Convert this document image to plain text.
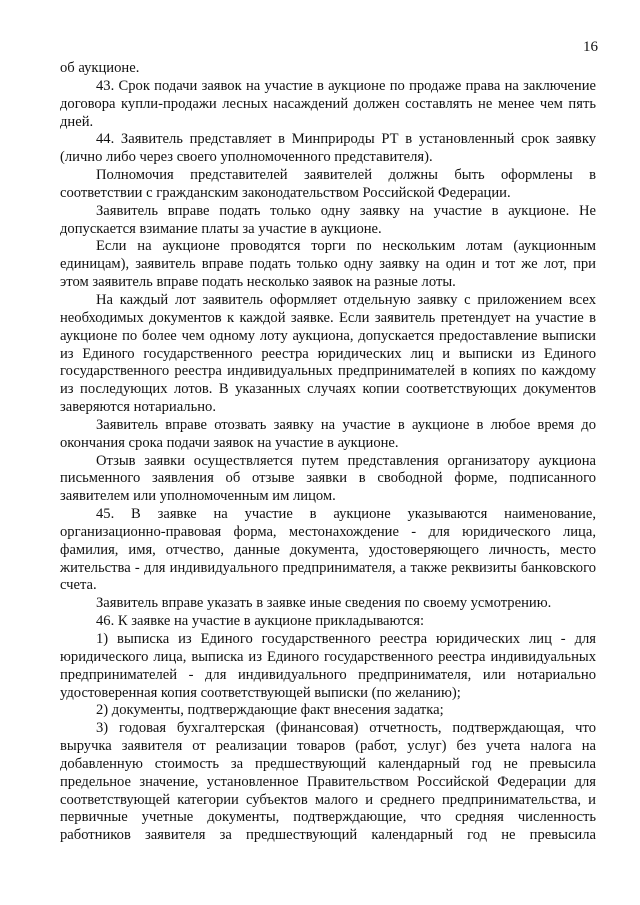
16

об аукционе.

43. Срок подачи заявок на участие в аукционе по продаже права на заключение договора купли-продажи лесных насаждений должен составлять не менее чем пять дней.

44. Заявитель представляет в Минприроды РТ в установленный срок заявку (лично либо через своего уполномоченного представителя).

Полномочия представителей заявителей должны быть оформлены в соответствии с гражданским законодательством Российской Федерации.

Заявитель вправе подать только одну заявку на участие в аукционе. Не допускается взимание платы за участие в аукционе.

Если на аукционе проводятся торги по нескольким лотам (аукционным единицам), заявитель вправе подать только одну заявку на один и тот же лот, при этом заявитель вправе подать несколько заявок на разные лоты.

На каждый лот заявитель оформляет отдельную заявку с приложением всех необходимых документов к каждой заявке. Если заявитель претендует на участие в аукционе по более чем одному лоту аукциона, допускается предоставление выписки из Единого государственного реестра юридических лиц и выписки из Единого государственного реестра индивидуальных предпринимателей в копиях по каждому из последующих лотов. В указанных случаях копии соответствующих документов заверяются нотариально.

Заявитель вправе отозвать заявку на участие в аукционе в любое время до окончания срока подачи заявок на участие в аукционе.

Отзыв заявки осуществляется путем представления организатору аукциона письменного заявления об отзыве заявки в свободной форме, подписанного заявителем или уполномоченным им лицом.

45. В заявке на участие в аукционе указываются наименование, организационно-правовая форма, местонахождение - для юридического лица, фамилия, имя, отчество, данные документа, удостоверяющего личность, место жительства - для индивидуального предпринимателя, а также реквизиты банковского счета.

Заявитель вправе указать в заявке иные сведения по своему усмотрению.

46. К заявке на участие в аукционе прикладываются:

1) выписка из Единого государственного реестра юридических лиц - для юридического лица, выписка из Единого государственного реестра индивидуальных предпринимателей - для индивидуального предпринимателя, или нотариально удостоверенная копия соответствующей выписки (по желанию);

2) документы, подтверждающие факт внесения задатка;

3) годовая бухгалтерская (финансовая) отчетность, подтверждающая, что выручка заявителя от реализации товаров (работ, услуг) без учета налога на добавленную стоимость за предшествующий календарный год не превысила предельное значение, установленное Правительством Российской Федерации для соответствующей категории субъектов малого и среднего предпринимательства, и первичные учетные документы, подтверждающие, что средняя численность работников заявителя за предшествующий календарный год не превысила
